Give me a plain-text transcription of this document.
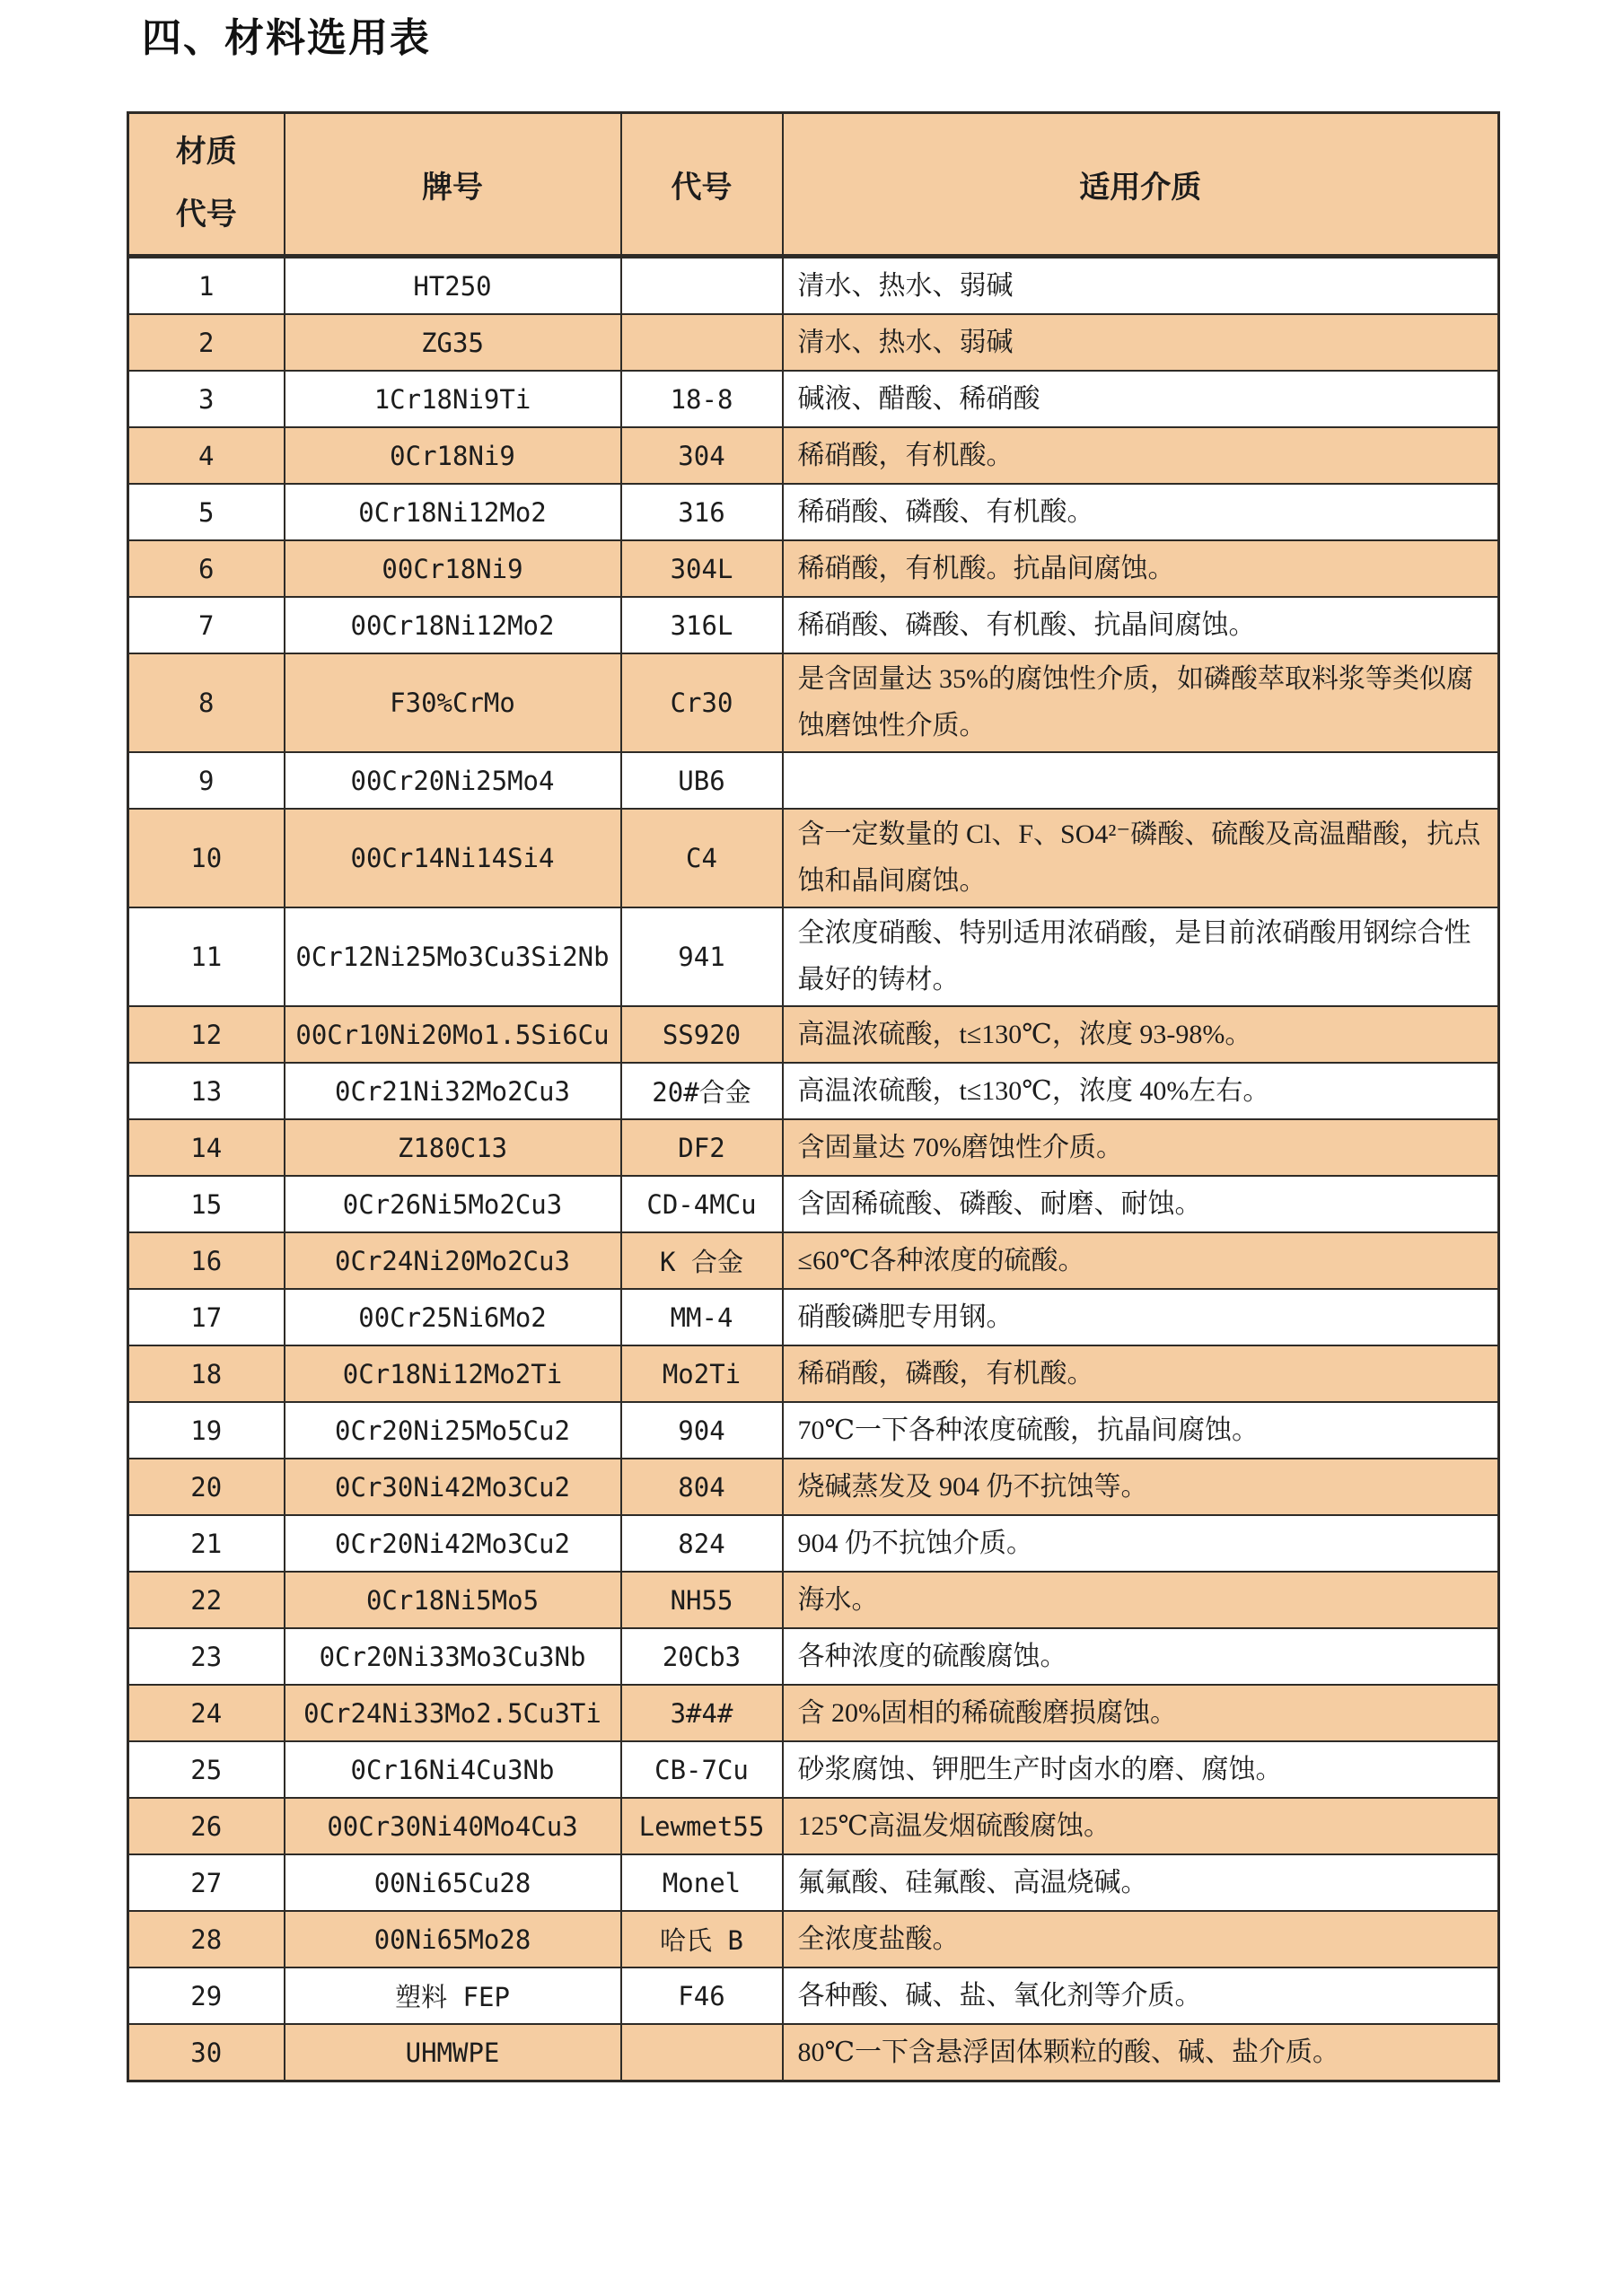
四、材料选用表
材质
代号	牌号	代号	适用介质
1	HT250		清水、热水、弱碱
2	ZG35		清水、热水、弱碱
3	1Cr18Ni9Ti	18-8	碱液、醋酸、稀硝酸
4	0Cr18Ni9	304	稀硝酸，有机酸。
5	0Cr18Ni12Mo2	316	稀硝酸、磷酸、有机酸。
6	00Cr18Ni9	304L	稀硝酸，有机酸。抗晶间腐蚀。
7	00Cr18Ni12Mo2	316L	稀硝酸、磷酸、有机酸、抗晶间腐蚀。
8	F30%CrMo	Cr30	是含固量达 35%的腐蚀性介质，如磷酸萃取料浆等类似腐蚀磨蚀性介质。
9	00Cr20Ni25Mo4	UB6	
10	00Cr14Ni14Si4	C4	含一定数量的 Cl、F、SO4²⁻磷酸、硫酸及高温醋酸，抗点蚀和晶间腐蚀。
11	0Cr12Ni25Mo3Cu3Si2Nb	941	全浓度硝酸、特别适用浓硝酸，是目前浓硝酸用钢综合性最好的铸材。
12	00Cr10Ni20Mo1.5Si6Cu	SS920	高温浓硫酸，t≤130℃，浓度 93-98%。
13	0Cr21Ni32Mo2Cu3	20#合金	高温浓硫酸，t≤130℃，浓度 40%左右。
14	Z180C13	DF2	含固量达 70%磨蚀性介质。
15	0Cr26Ni5Mo2Cu3	CD-4MCu	含固稀硫酸、磷酸、耐磨、耐蚀。
16	0Cr24Ni20Mo2Cu3	K 合金	≤60℃各种浓度的硫酸。
17	00Cr25Ni6Mo2	MM-4	硝酸磷肥专用钢。
18	0Cr18Ni12Mo2Ti	Mo2Ti	稀硝酸，磷酸，有机酸。
19	0Cr20Ni25Mo5Cu2	904	70℃一下各种浓度硫酸，抗晶间腐蚀。
20	0Cr30Ni42Mo3Cu2	804	烧碱蒸发及 904 仍不抗蚀等。
21	0Cr20Ni42Mo3Cu2	824	904 仍不抗蚀介质。
22	0Cr18Ni5Mo5	NH55	海水。
23	0Cr20Ni33Mo3Cu3Nb	20Cb3	各种浓度的硫酸腐蚀。
24	0Cr24Ni33Mo2.5Cu3Ti	3#4#	含 20%固相的稀硫酸磨损腐蚀。
25	0Cr16Ni4Cu3Nb	CB-7Cu	砂浆腐蚀、钾肥生产时卤水的磨、腐蚀。
26	00Cr30Ni40Mo4Cu3	Lewmet55	125℃高温发烟硫酸腐蚀。
27	00Ni65Cu28	Monel	氟氟酸、硅氟酸、高温烧碱。
28	00Ni65Mo28	哈氏 B	全浓度盐酸。
29	塑料 FEP	F46	各种酸、碱、盐、氧化剂等介质。
30	UHMWPE		80℃一下含悬浮固体颗粒的酸、碱、盐介质。
